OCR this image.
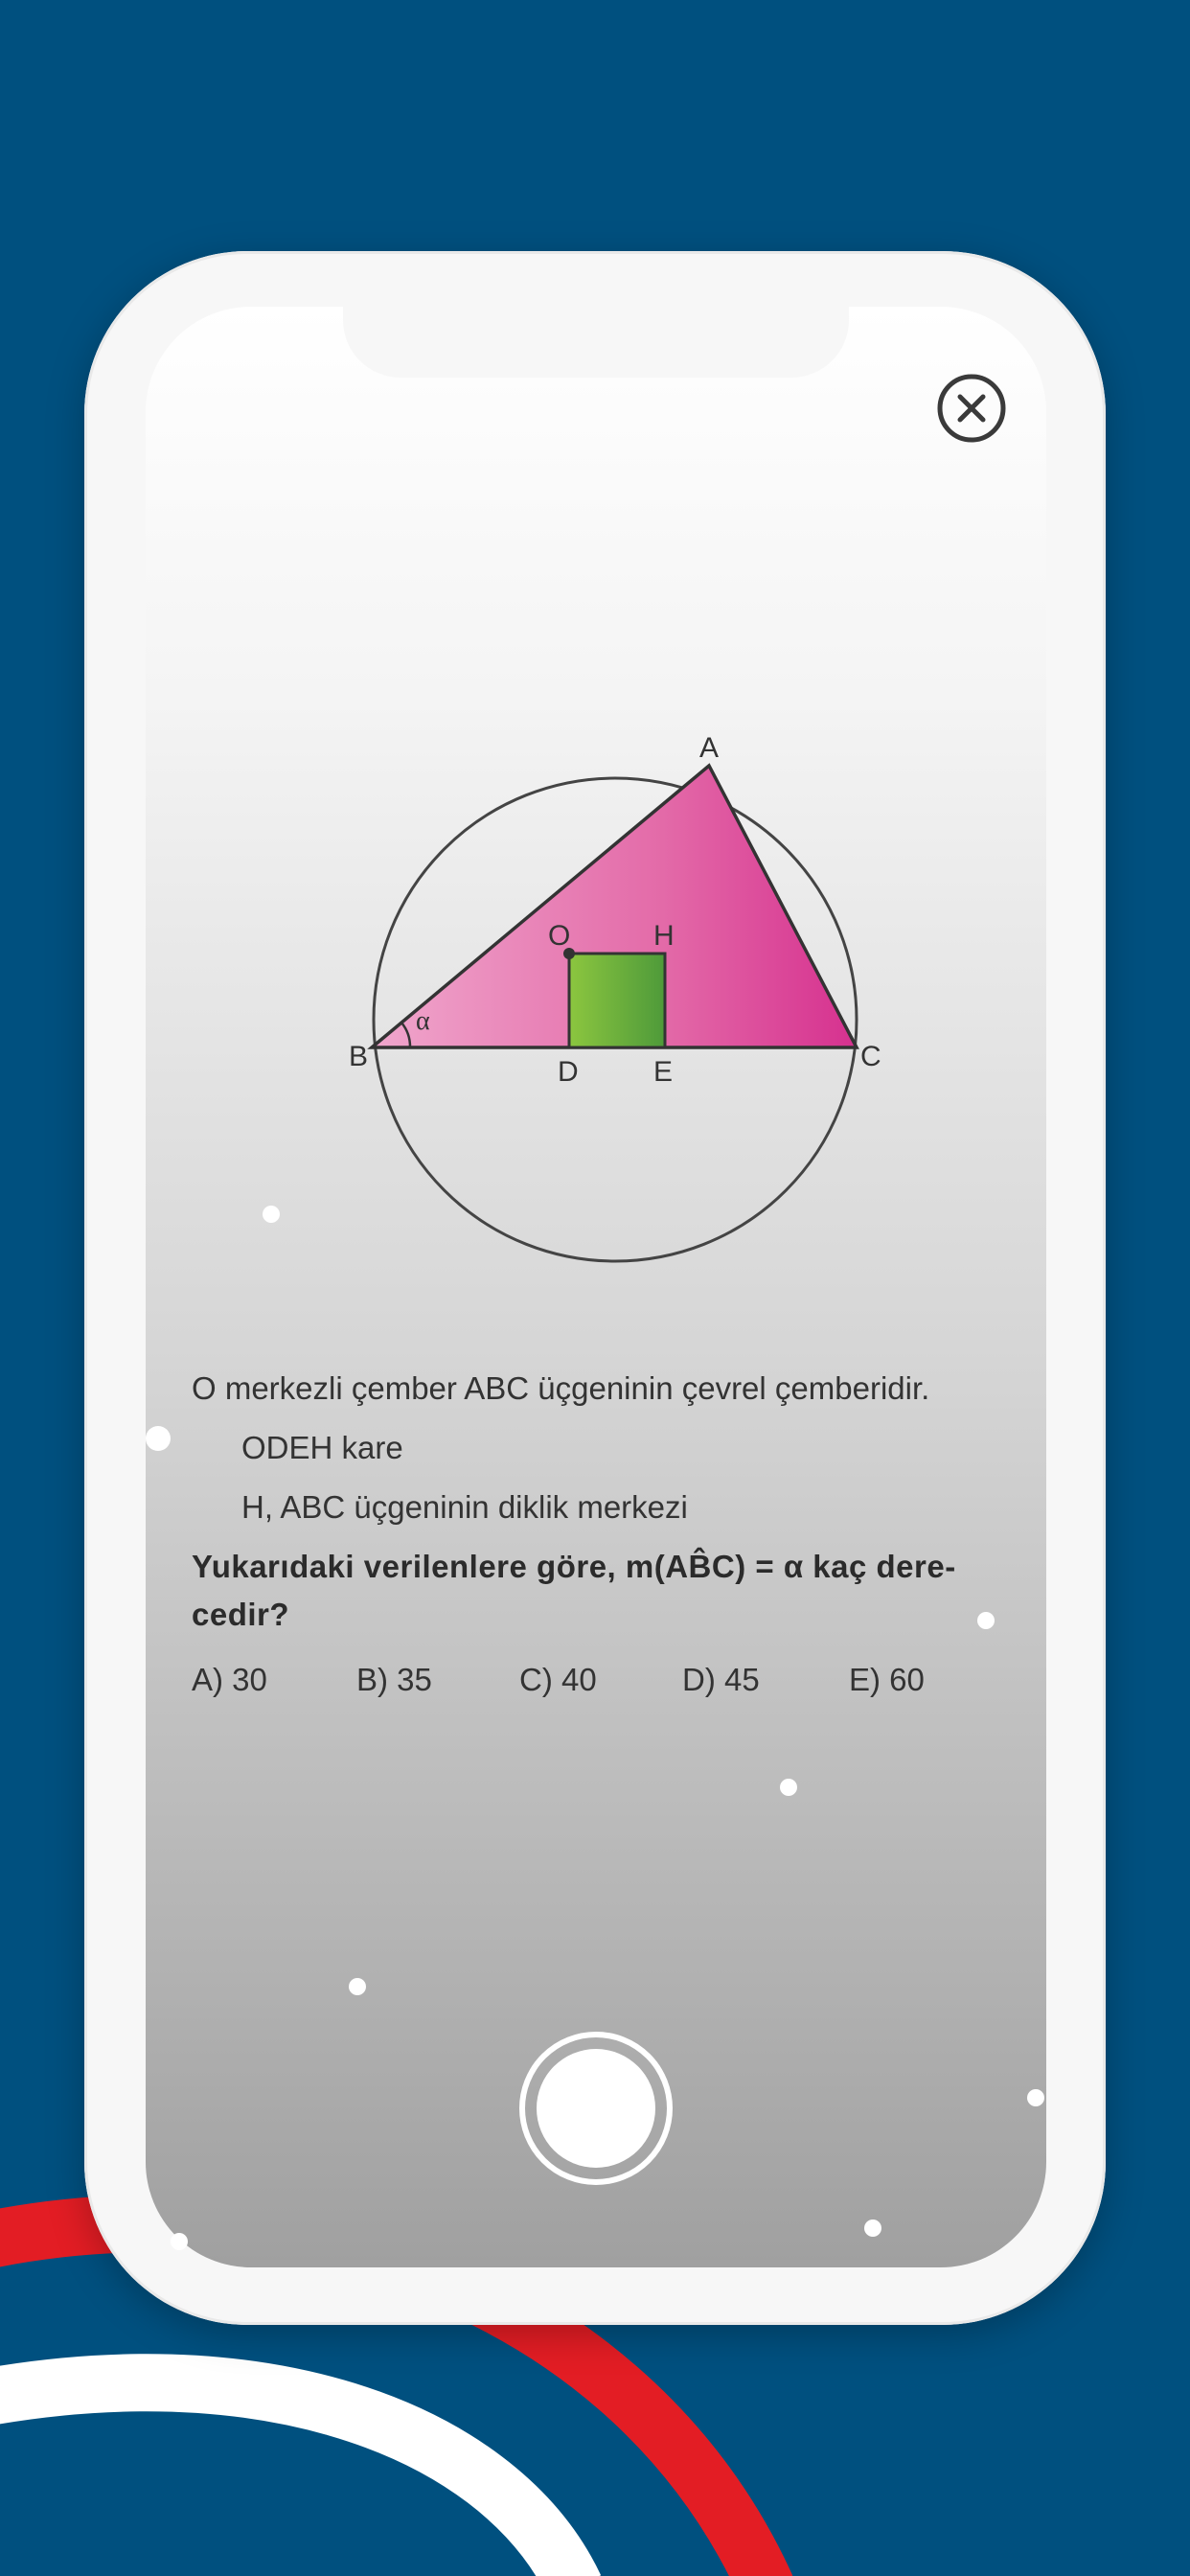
A
B	C
O	H
D	E
α
O merkezli çember ABC üçgeninin çevrel çemberidir.
ODEH kare
H, ABC üçgeninin diklik merkezi
Yukarıdaki verilenlere göre, m(AB̂C) = α kaç dere-
cedir?
A) 30	B) 35	C) 40	D) 45	E) 60
